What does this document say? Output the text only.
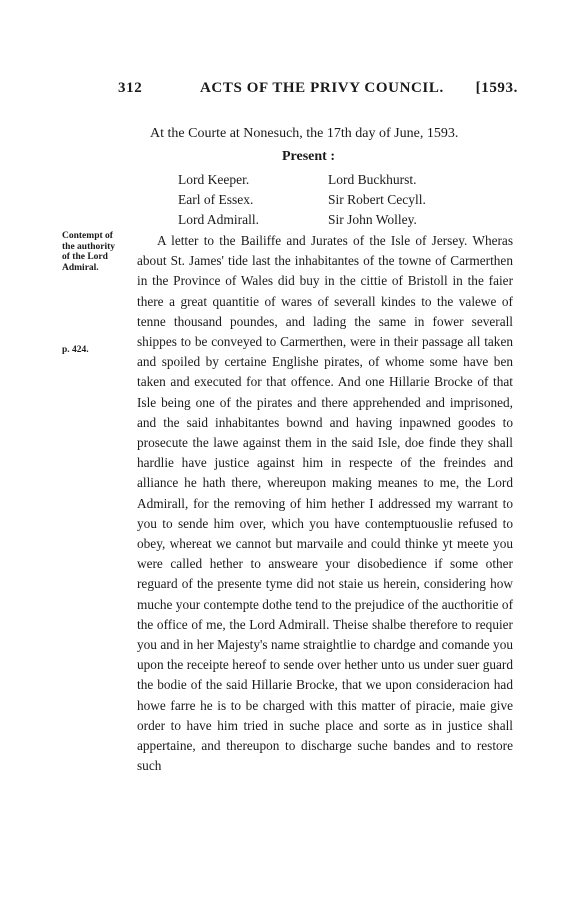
312	ACTS OF THE PRIVY COUNCIL. [1593.
At the Courte at Nonesuch, the 17th day of June, 1593.
Present :
Lord Keeper.	Lord Buckhurst.
Earl of Essex.	Sir Robert Cecyll.
Lord Admirall.	Sir John Wolley.
Contempt of the authority of the Lord Admiral.
p. 424.
A letter to the Bailiffe and Jurates of the Isle of Jersey. Wheras about St. James' tide last the inhabitantes of the towne of Carmerthen in the Province of Wales did buy in the cittie of Bristoll in the faier there a great quantitie of wares of severall kindes to the valewe of tenne thousand poundes, and lading the same in fower severall shippes to be conveyed to Carmerthen, were in their passage all taken and spoiled by certaine Englishe pirates, of whome some have ben taken and executed for that offence. And one Hillarie Brocke of that Isle being one of the pirates and there apprehended and imprisoned, and the said inhabitantes bownd and having inpawned goodes to prosecute the lawe against them in the said Isle, doe finde they shall hardlie have justice against him in respecte of the freindes and alliance he hath there, whereupon making meanes to me, the Lord Admirall, for the removing of him hether I addressed my warrant to you to sende him over, which you have contemptuouslie refused to obey, whereat we cannot but marvaile and could thinke yt meete you were called hether to answeare your disobedience if some other reguard of the presente tyme did not staie us herein, considering how muche your contempte dothe tend to the prejudice of the aucthoritie of the office of me, the Lord Admirall. Theise shalbe therefore to requier you and in her Majesty's name straightlie to chardge and comande you upon the receipte hereof to sende over hether unto us under suer guard the bodie of the said Hillarie Brocke, that we upon consideracion had howe farre he is to be charged with this matter of piracie, maie give order to have him tried in suche place and sorte as in justice shall appertaine, and thereupon to discharge suche bandes and to restore such
